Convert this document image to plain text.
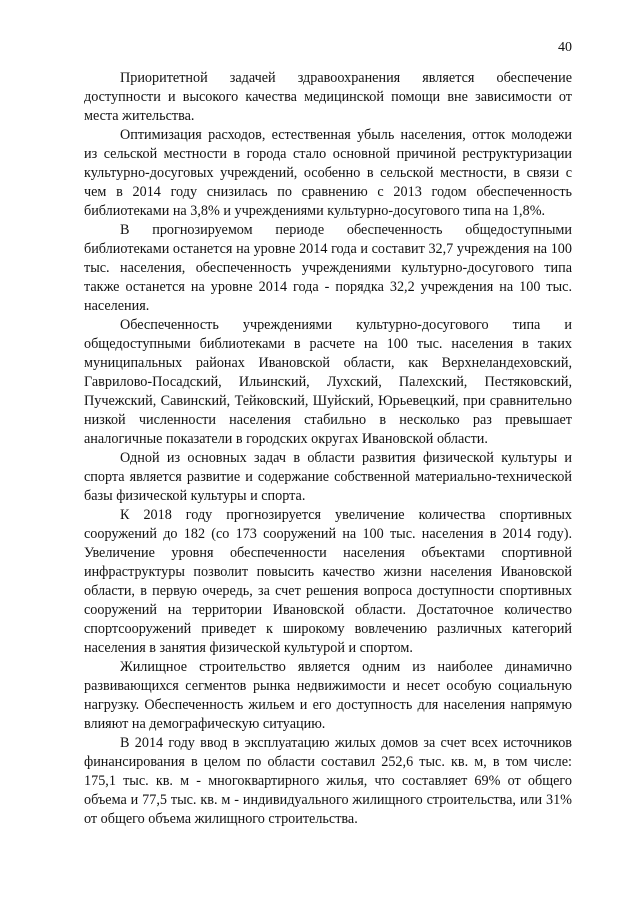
40

Приоритетной задачей здравоохранения является обеспечение доступности и высокого качества медицинской помощи вне зависимости от места жительства.

Оптимизация расходов, естественная убыль населения, отток молодежи из сельской местности в города стало основной причиной реструктуризации культурно-досуговых учреждений, особенно в сельской местности, в связи с чем в 2014 году снизилась по сравнению с 2013 годом обеспеченность библиотеками на 3,8% и учреждениями культурно-досугового типа на 1,8%.

В прогнозируемом периоде обеспеченность общедоступными библиотеками останется на уровне 2014 года и составит 32,7 учреждения на 100 тыс. населения, обеспеченность учреждениями культурно-досугового типа также останется на уровне 2014 года - порядка 32,2 учреждения на 100 тыс. населения.

Обеспеченность учреждениями культурно-досугового типа и общедоступными библиотеками в расчете на 100 тыс. населения в таких муниципальных районах Ивановской области, как Верхнеландеховский, Гаврилово-Посадский, Ильинский, Лухский, Палехский, Пестяковский, Пучежский, Савинский, Тейковский, Шуйский, Юрьевецкий, при сравнительно низкой численности населения стабильно в несколько раз превышает аналогичные показатели в городских округах Ивановской области.

Одной из основных задач в области развития физической культуры и спорта является развитие и содержание собственной материально-технической базы физической культуры и спорта.

К 2018 году прогнозируется увеличение количества спортивных сооружений до 182 (со 173 сооружений на 100 тыс. населения в 2014 году). Увеличение уровня обеспеченности населения объектами спортивной инфраструктуры позволит повысить качество жизни населения Ивановской области, в первую очередь, за счет решения вопроса доступности спортивных сооружений на территории Ивановской области. Достаточное количество спортсооружений приведет к широкому вовлечению различных категорий населения в занятия физической культурой и спортом.

Жилищное строительство является одним из наиболее динамично развивающихся сегментов рынка недвижимости и несет особую социальную нагрузку. Обеспеченность жильем и его доступность для населения напрямую влияют на демографическую ситуацию.

В 2014 году ввод в эксплуатацию жилых домов за счет всех источников финансирования в целом по области составил 252,6 тыс. кв. м, в том числе: 175,1 тыс. кв. м - многоквартирного жилья, что составляет 69% от общего объема и 77,5 тыс. кв. м - индивидуального жилищного строительства, или 31% от общего объема жилищного строительства.
